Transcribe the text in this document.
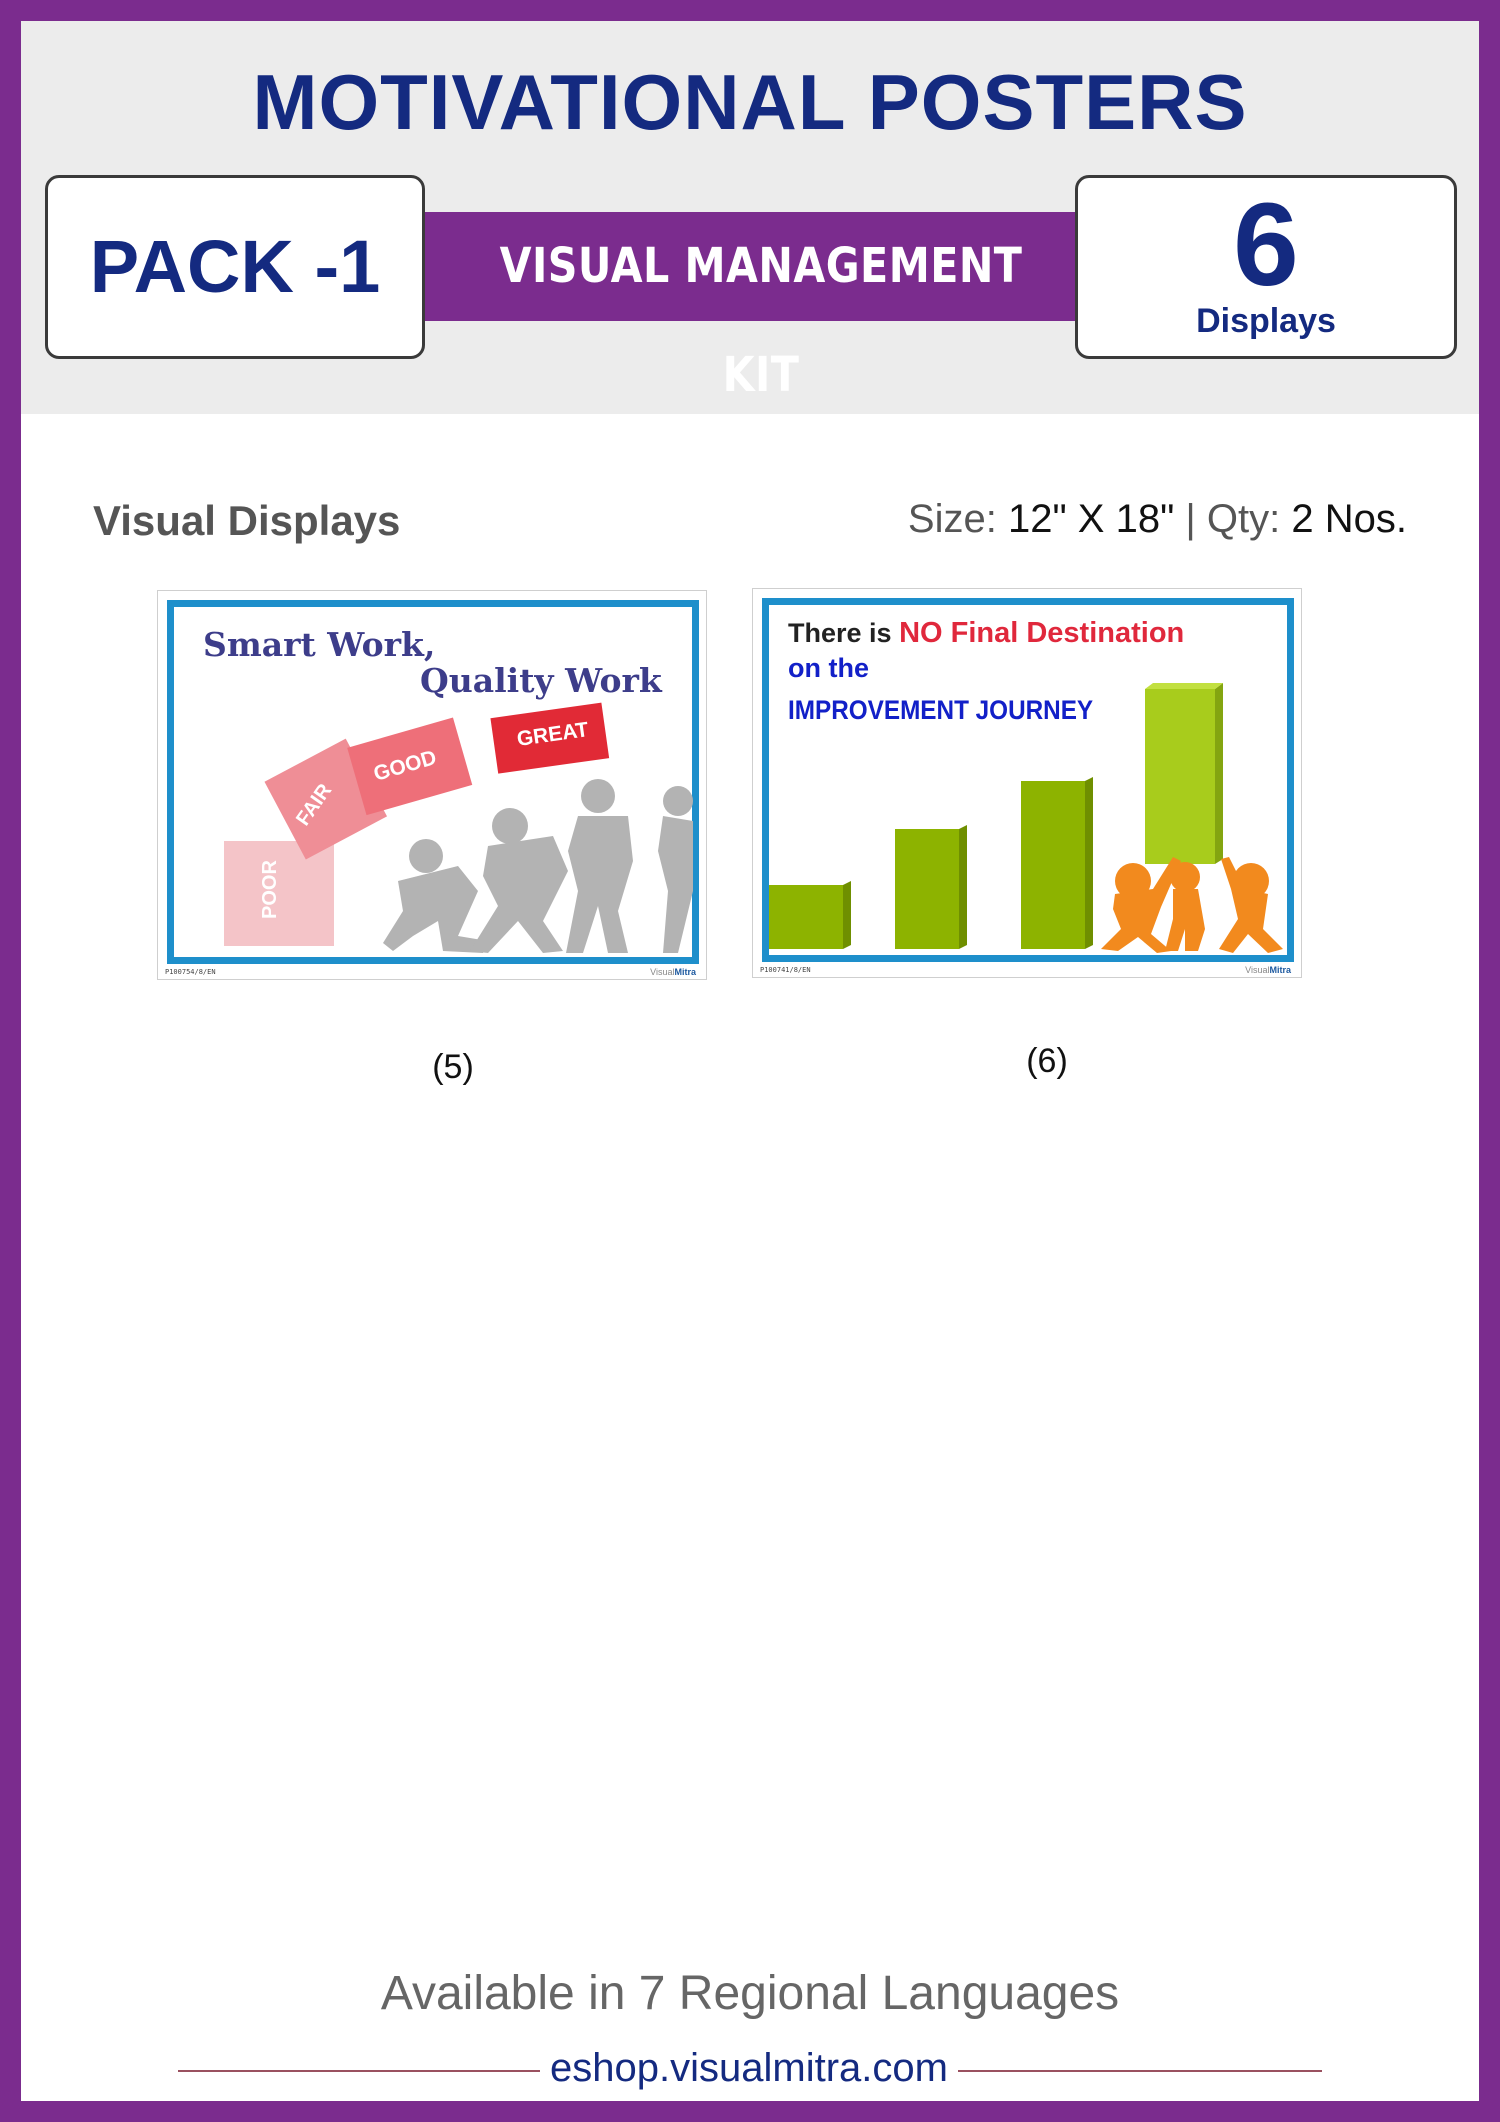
MOTIVATIONAL POSTERS
VISUAL MANAGEMENT KIT
PACK -1	6
Displays
Visual Displays	Size: 12" X 18" | Qty: 2 Nos.
POOR
FAIR
GOOD
GREAT
Smart Work,
Quality Work
P100754/8/EN	VisualMitra
There is NO Final Destination
on the
IMPROVEMENT JOURNEY
P100741/8/EN	VisualMitra
(5)	(6)
Available in 7 Regional Languages
eshop.visualmitra.com
